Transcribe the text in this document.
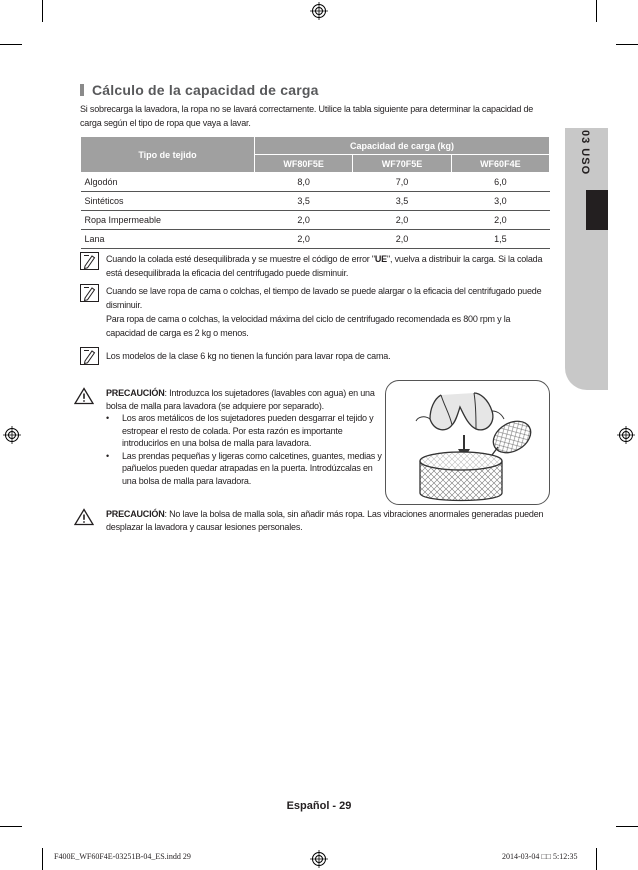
03 USO
Cálculo de la capacidad de carga
Si sobrecarga la lavadora, la ropa no se lavará correctamente. Utilice la tabla siguiente para determinar la capacidad de carga según el tipo de ropa que vaya a lavar.
Tipo de tejido	Capacidad de carga (kg)		
	WF80F5E	WF70F5E	WF60F4E
Algodón	8,0	7,0	6,0
Sintéticos	3,5	3,5	3,0
Ropa Impermeable	2,0	2,0	2,0
Lana	2,0	2,0	1,5
Cuando la colada esté desequilibrada y se muestre el código de error "UE", vuelva a distribuir la carga. Si la colada está desequilibrada la eficacia del centrifugado puede disminuir.
Cuando se lave ropa de cama o colchas, el tiempo de lavado se puede alargar o la eficacia del centrifugado puede disminuir.
Para ropa de cama o colchas, la velocidad máxima del ciclo de centrifugado recomendada es 800 rpm y la capacidad de carga es 2 kg o menos.
Los modelos de la clase 6 kg no tienen la función para lavar ropa de cama.
PRECAUCIÓN: Introduzca los sujetadores (lavables con agua) en una bolsa de malla para lavadora (se adquiere por separado).
• Los aros metálicos de los sujetadores pueden desgarrar el tejido y estropear el resto de colada. Por esta razón es importante introducirlos en una bolsa de malla para lavadora.
• Las prendas pequeñas y ligeras como calcetines, guantes, medias y pañuelos pueden quedar atrapadas en la puerta. Introdúzcalas en una bolsa de malla para lavadora.
PRECAUCIÓN: No lave la bolsa de malla sola, sin añadir más ropa. Las vibraciones anormales generadas pueden desplazar la lavadora y causar lesiones personales.
Español - 29
F400E_WF60F4E-03251B-04_ES.indd 29	2014-03-04 □□ 5:12:35
